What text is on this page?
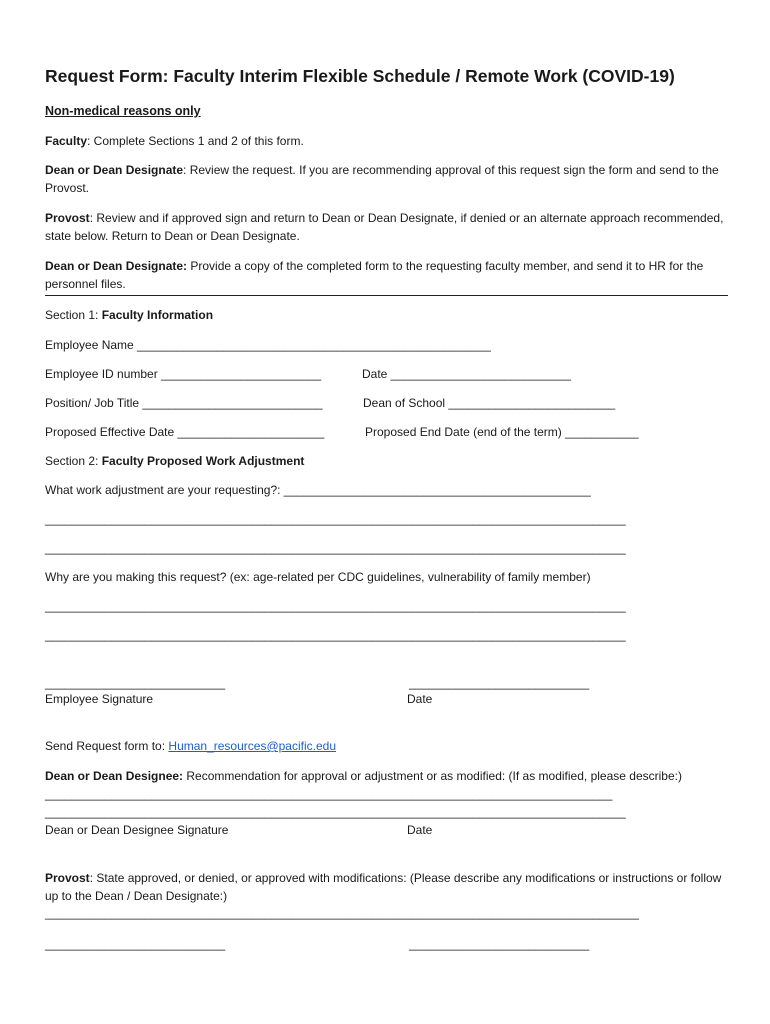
Request Form: Faculty Interim Flexible Schedule / Remote Work (COVID-19)
Non-medical reasons only
Faculty: Complete Sections 1 and 2 of this form.
Dean or Dean Designate: Review the request. If you are recommending approval of this request sign the form and send to the Provost.
Provost: Review and if approved sign and return to Dean or Dean Designate, if denied or an alternate approach recommended, state below. Return to Dean or Dean Designate.
Dean or Dean Designate: Provide a copy of the completed form to the requesting faculty member, and send it to HR for the personnel files.
Section 1: Faculty Information
Employee Name _____________________________________________________
Employee ID number ________________________	Date ___________________________
Position/ Job Title ___________________________	Dean of School _________________________
Proposed Effective Date ______________________	Proposed End Date (end of the term) ___________
Section 2: Faculty Proposed Work Adjustment
What work adjustment are your requesting?: ______________________________________________
_______________________________________________________________________________________
_______________________________________________________________________________________
Why are you making this request? (ex: age-related per CDC guidelines, vulnerability of family member)
_______________________________________________________________________________________
_______________________________________________________________________________________
___________________________	___________________________
Employee Signature	Date
Send Request form to: Human_resources@pacific.edu
Dean or Dean Designee: Recommendation for approval or adjustment or as modified: (If as modified, please describe:) _____________________________________________________________________________________
_______________________________________________________________________________________
Dean or Dean Designee Signature	Date
Provost: State approved, or denied, or approved with modifications: (Please describe any modifications or instructions or follow up to the Dean / Dean Designate:)
_________________________________________________________________________________________
___________________________	___________________________
